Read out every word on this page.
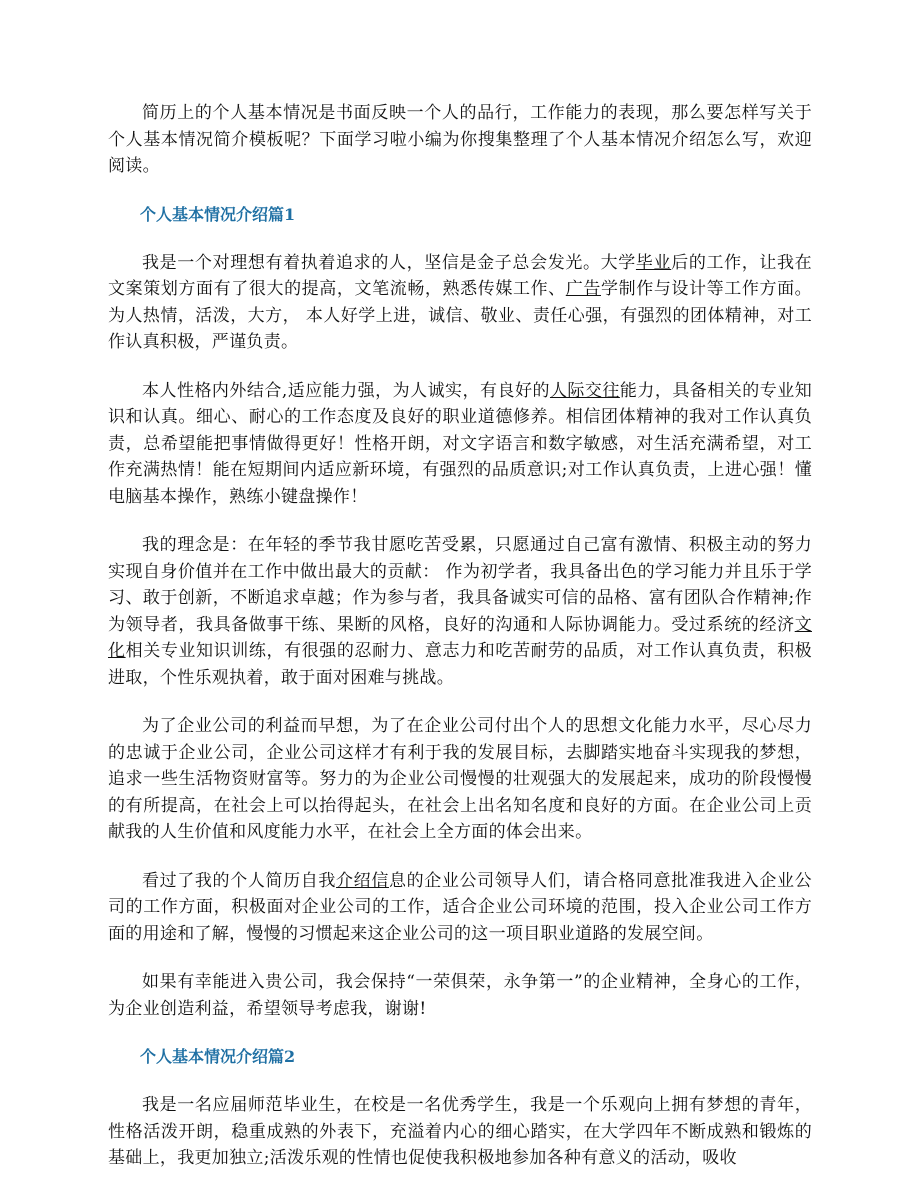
简历上的个人基本情况是书面反映一个人的品行，工作能力的表现，那么要怎样写关于个人基本情况简介模板呢？下面学习啦小编为你搜集整理了个人基本情况介绍怎么写，欢迎阅读。

个人基本情况介绍篇1

我是一个对理想有着执着追求的人，坚信是金子总会发光。大学毕业后的工作，让我在文案策划方面有了很大的提高，文笔流畅，熟悉传媒工作、广告学制作与设计等工作方面。为人热情，活泼，大方， 本人好学上进，诚信、敬业、责任心强，有强烈的团体精神，对工作认真积极，严谨负责。

本人性格内外结合,适应能力强，为人诚实，有良好的人际交往能力，具备相关的专业知识和认真。细心、耐心的工作态度及良好的职业道德修养。相信团体精神的我对工作认真负责，总希望能把事情做得更好！性格开朗，对文字语言和数字敏感，对生活充满希望，对工作充满热情！能在短期间内适应新环境，有强烈的品质意识;对工作认真负责，上进心强！懂电脑基本操作，熟练小键盘操作！

我的理念是：在年轻的季节我甘愿吃苦受累，只愿通过自己富有激情、积极主动的努力实现自身价值并在工作中做出最大的贡献： 作为初学者，我具备出色的学习能力并且乐于学习、敢于创新，不断追求卓越；作为参与者，我具备诚实可信的品格、富有团队合作精神;作为领导者，我具备做事干练、果断的风格，良好的沟通和人际协调能力。受过系统的经济文化相关专业知识训练，有很强的忍耐力、意志力和吃苦耐劳的品质，对工作认真负责，积极进取，个性乐观执着，敢于面对困难与挑战。

为了企业公司的利益而早想，为了在企业公司付出个人的思想文化能力水平，尽心尽力的忠诚于企业公司，企业公司这样才有利于我的发展目标，去脚踏实地奋斗实现我的梦想，追求一些生活物资财富等。努力的为企业公司慢慢的壮观强大的发展起来，成功的阶段慢慢的有所提高，在社会上可以抬得起头，在社会上出名知名度和良好的方面。在企业公司上贡献我的人生价值和风度能力水平，在社会上全方面的体会出来。

看过了我的个人简历自我介绍信息的企业公司领导人们，请合格同意批准我进入企业公司的工作方面，积极面对企业公司的工作，适合企业公司环境的范围，投入企业公司工作方面的用途和了解，慢慢的习惯起来这企业公司的这一项目职业道路的发展空间。

如果有幸能进入贵公司，我会保持“一荣俱荣，永争第一”的企业精神，全身心的工作，为企业创造利益，希望领导考虑我，谢谢!

个人基本情况介绍篇2

我是一名应届师范毕业生，在校是一名优秀学生，我是一个乐观向上拥有梦想的青年，性格活泼开朗，稳重成熟的外表下，充溢着内心的细心踏实，在大学四年不断成熟和锻炼的基础上，我更加独立;活泼乐观的性情也促使我积极地参加各种有意义的活动，吸收
